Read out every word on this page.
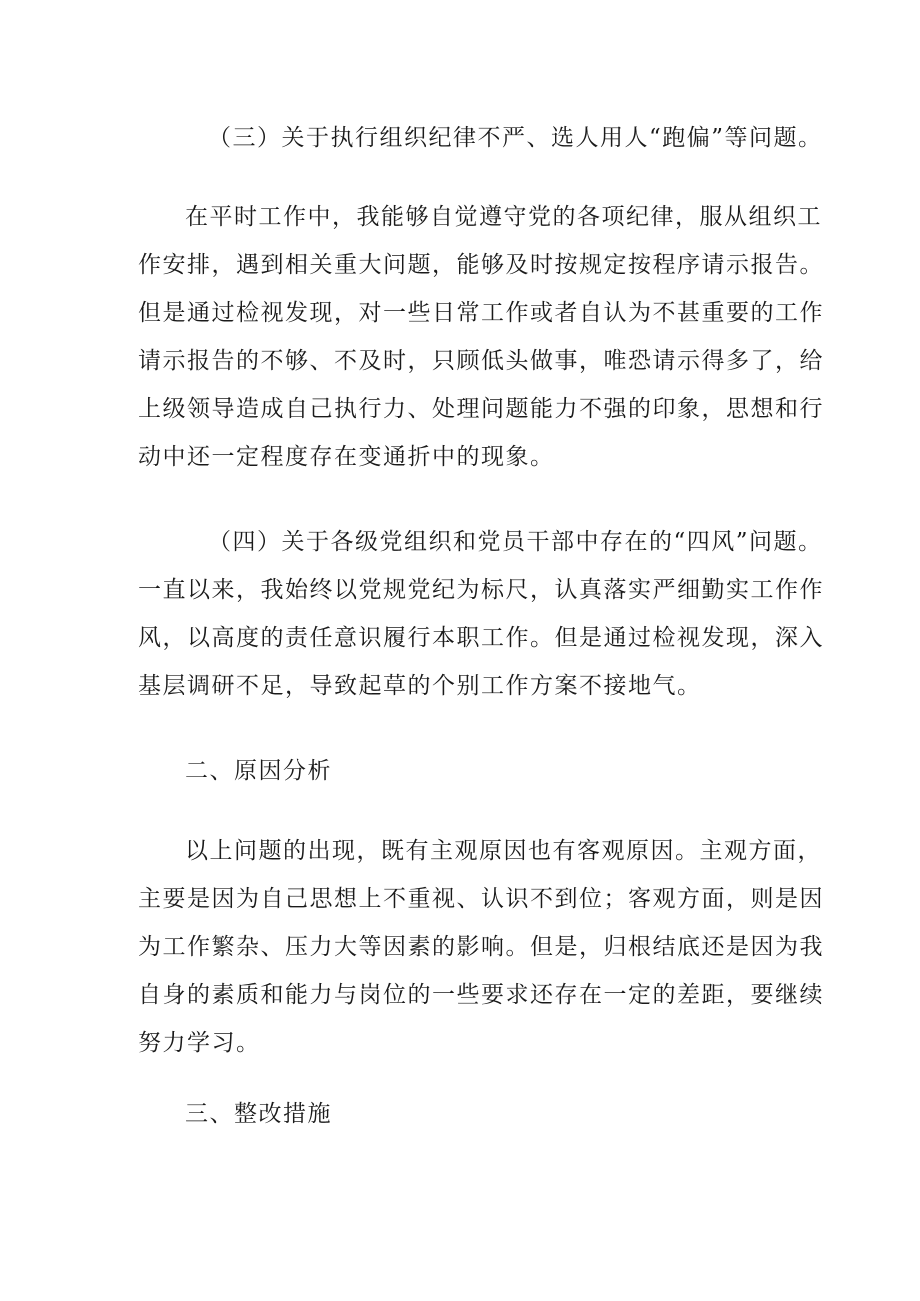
（三）关于执行组织纪律不严、选人用人“跑偏”等问题。
在平时工作中，我能够自觉遵守党的各项纪律，服从组织工
作安排，遇到相关重大问题，能够及时按规定按程序请示报告。
但是通过检视发现，对一些日常工作或者自认为不甚重要的工作
请示报告的不够、不及时，只顾低头做事，唯恐请示得多了，给
上级领导造成自己执行力、处理问题能力不强的印象，思想和行
动中还一定程度存在变通折中的现象。
（四）关于各级党组织和党员干部中存在的“四风”问题。
一直以来，我始终以党规党纪为标尺，认真落实严细勤实工作作
风，以高度的责任意识履行本职工作。但是通过检视发现，深入
基层调研不足，导致起草的个别工作方案不接地气。
二、原因分析
以上问题的出现，既有主观原因也有客观原因。主观方面，
主要是因为自己思想上不重视、认识不到位；客观方面，则是因
为工作繁杂、压力大等因素的影响。但是，归根结底还是因为我
自身的素质和能力与岗位的一些要求还存在一定的差距，要继续
努力学习。
三、整改措施
